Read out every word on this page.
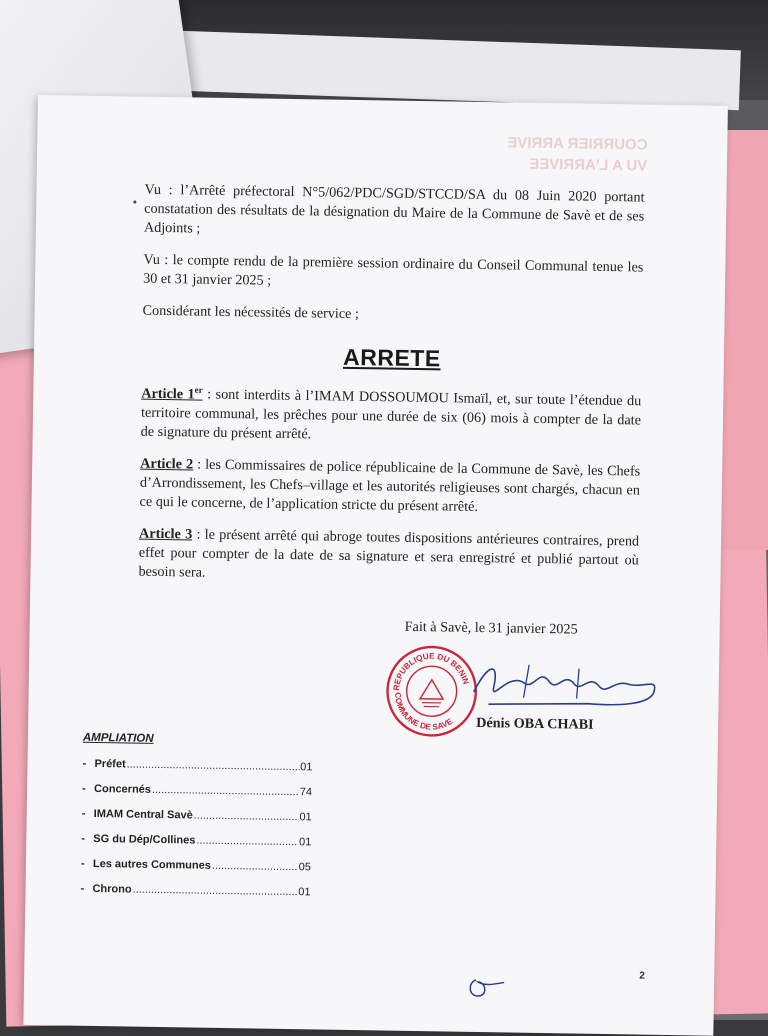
COURRIER ARRIVE
VU A L’ARRIVEE

Vu : l’Arrêté préfectoral N°5/062/PDC/SGD/STCCD/SA du 08 Juin 2020 portant constatation des résultats de la désignation du Maire de la Commune de Savè et de ses Adjoints ;

Vu : le compte rendu de la première session ordinaire du Conseil Communal tenue les 30 et 31 janvier 2025 ;

Considérant les nécessités de service ;

ARRETE

Article 1er : sont interdits à l’IMAM DOSSOUMOU Ismaïl, et, sur toute l’étendue du territoire communal, les prêches pour une durée de six (06) mois à compter de la date de signature du présent arrêté.

Article 2 : les Commissaires de police républicaine de la Commune de Savè, les Chefs d’Arrondissement, les Chefs–village et les autorités religieuses sont chargés, chacun en ce qui le concerne, de l’application stricte du présent arrêté.

Article 3 : le présent arrêté qui abroge toutes dispositions antérieures contraires, prend effet pour compter de la date de sa signature et sera enregistré et publié partout où besoin sera.

Fait à Savè, le 31 janvier 2025
REPUBLIQUE DU BENIN
COMMUNE DE SAVE Dénis OBA CHABI
AMPLIATION
- Préfet .....	01
- Concernés .....	74
- IMAM Central Savè .....	01
- SG du Dép/Collines .....	01
- Les autres Communes .....	05
- Chrono .....	01
2
